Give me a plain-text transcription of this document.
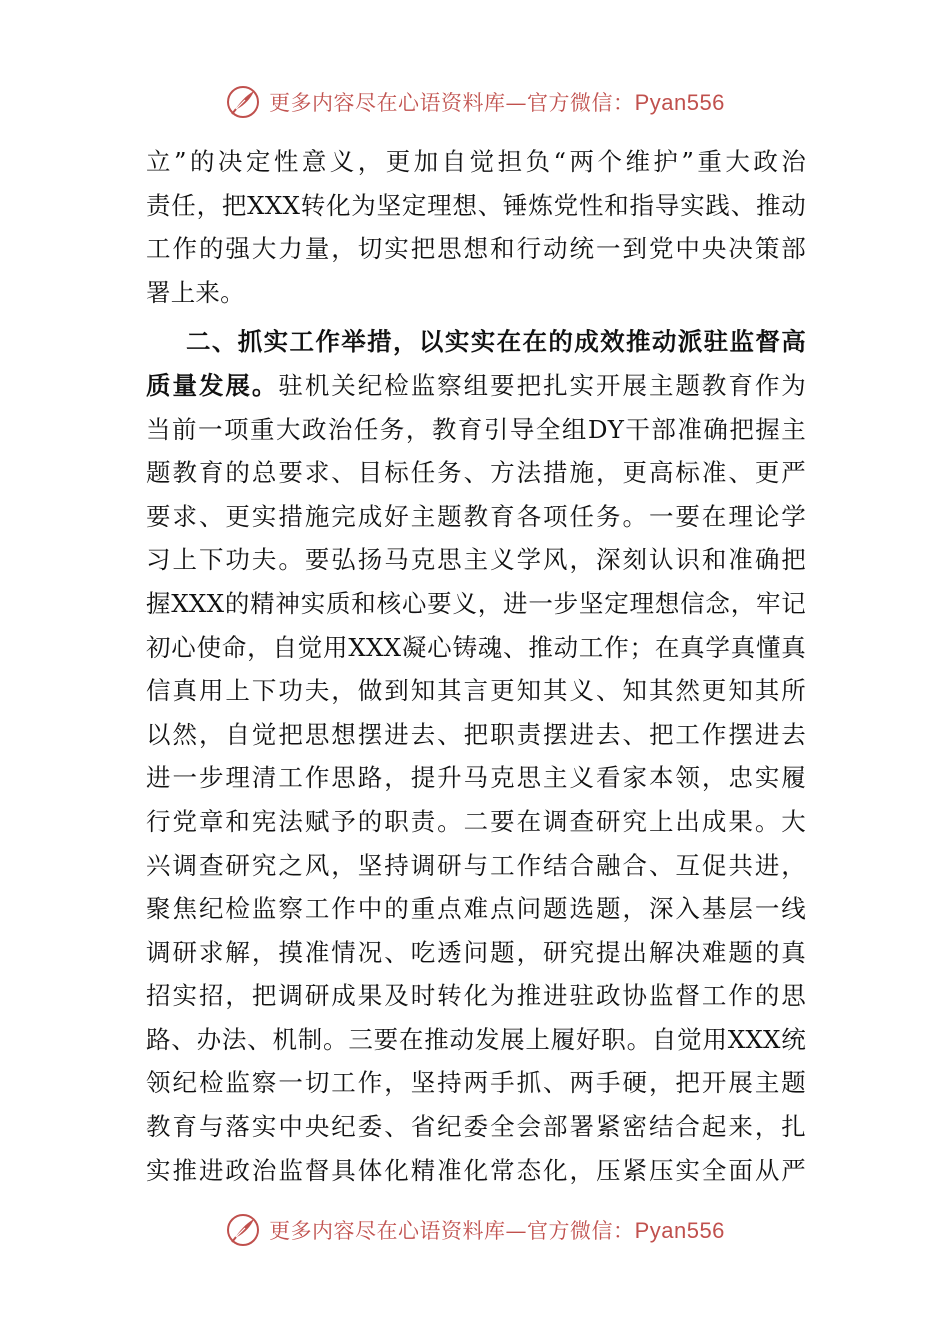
更多内容尽在心语资料库—官方微信：Pyan556
立”的决定性意义，更加自觉担负“两个维护”重大政治
责任，把XXX转化为坚定理想、锤炼党性和指导实践、推动
工作的强大力量，切实把思想和行动统一到党中央决策部
署上来。
二、抓实工作举措，以实实在在的成效推动派驻监督高
质量发展。驻机关纪检监察组要把扎实开展主题教育作为
当前一项重大政治任务，教育引导全组DY干部准确把握主
题教育的总要求、目标任务、方法措施，更高标准、更严
要求、更实措施完成好主题教育各项任务。一要在理论学
习上下功夫。要弘扬马克思主义学风，深刻认识和准确把
握XXX的精神实质和核心要义，进一步坚定理想信念，牢记
初心使命，自觉用XXX凝心铸魂、推动工作；在真学真懂真
信真用上下功夫，做到知其言更知其义、知其然更知其所
以然，自觉把思想摆进去、把职责摆进去、把工作摆进去
进一步理清工作思路，提升马克思主义看家本领，忠实履
行党章和宪法赋予的职责。二要在调查研究上出成果。大
兴调查研究之风，坚持调研与工作结合融合、互促共进，
聚焦纪检监察工作中的重点难点问题选题，深入基层一线
调研求解，摸准情况、吃透问题，研究提出解决难题的真
招实招，把调研成果及时转化为推进驻政协监督工作的思
路、办法、机制。三要在推动发展上履好职。自觉用XXX统
领纪检监察一切工作，坚持两手抓、两手硬，把开展主题
教育与落实中央纪委、省纪委全会部署紧密结合起来，扎
实推进政治监督具体化精准化常态化，压紧压实全面从严
更多内容尽在心语资料库—官方微信：Pyan556
